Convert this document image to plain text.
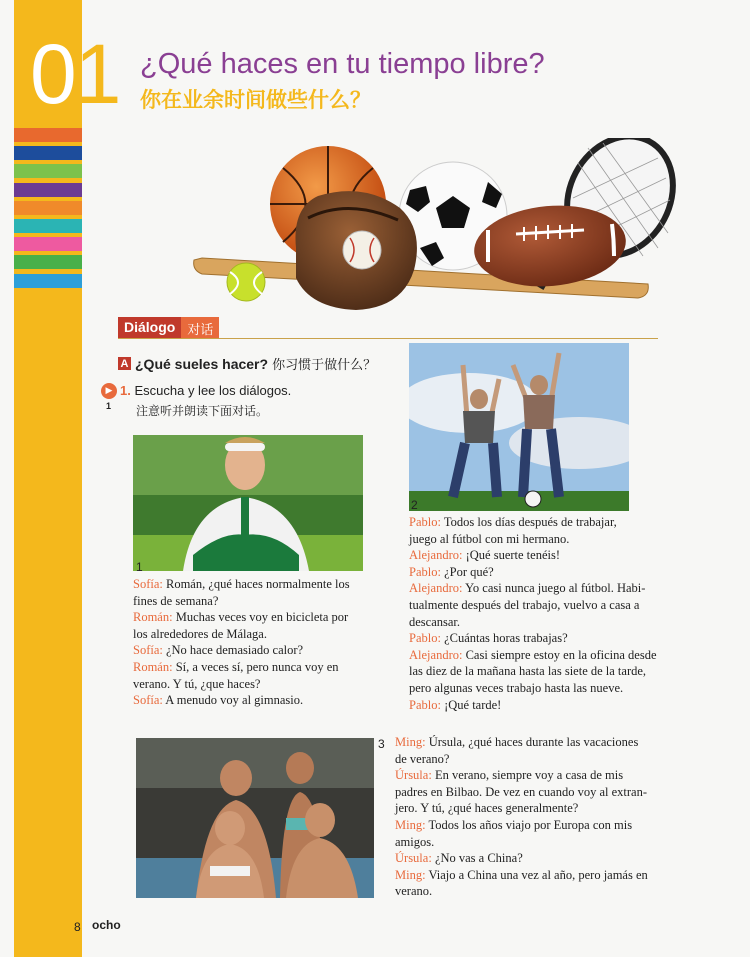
01 ¿Qué haces en tu tiempo libre?
你在业余时间做些什么？
Diálogo 对话
A ¿Qué sueles hacer? 你习惯于做什么？
▶
1
1. Escucha y lee los diálogos.
注意听并朗读下面对话。
1
Sofía: Román, ¿qué haces normalmente los
fines de semana?
Román: Muchas veces voy en bicicleta por
los alrededores de Málaga.
Sofía: ¿No hace demasiado calor?
Román: Sí, a veces sí, pero nunca voy en
verano. Y tú, ¿que haces?
Sofía: A menudo voy al gimnasio.
2
Pablo: Todos los días después de trabajar,
juego al fútbol con mi hermano.
Alejandro: ¡Qué suerte tenéis!
Pablo: ¿Por qué?
Alejandro: Yo casi nunca juego al fútbol. Habi-
tualmente después del trabajo, vuelvo a casa a
descansar.
Pablo: ¿Cuántas horas trabajas?
Alejandro: Casi siempre estoy en la oficina desde
las diez de la mañana hasta las siete de la tarde,
pero algunas veces trabajo hasta las nueve.
Pablo: ¡Qué tarde!
3 Ming: Úrsula, ¿qué haces durante las vacaciones
de verano?
Úrsula: En verano, siempre voy a casa de mis
padres en Bilbao. De vez en cuando voy al extran-
jero. Y tú, ¿qué haces generalmente?
Ming: Todos los años viajo por Europa con mis
amigos.
Úrsula: ¿No vas a China?
Ming: Viajo a China una vez al año, pero jamás en
verano.
8 ocho
